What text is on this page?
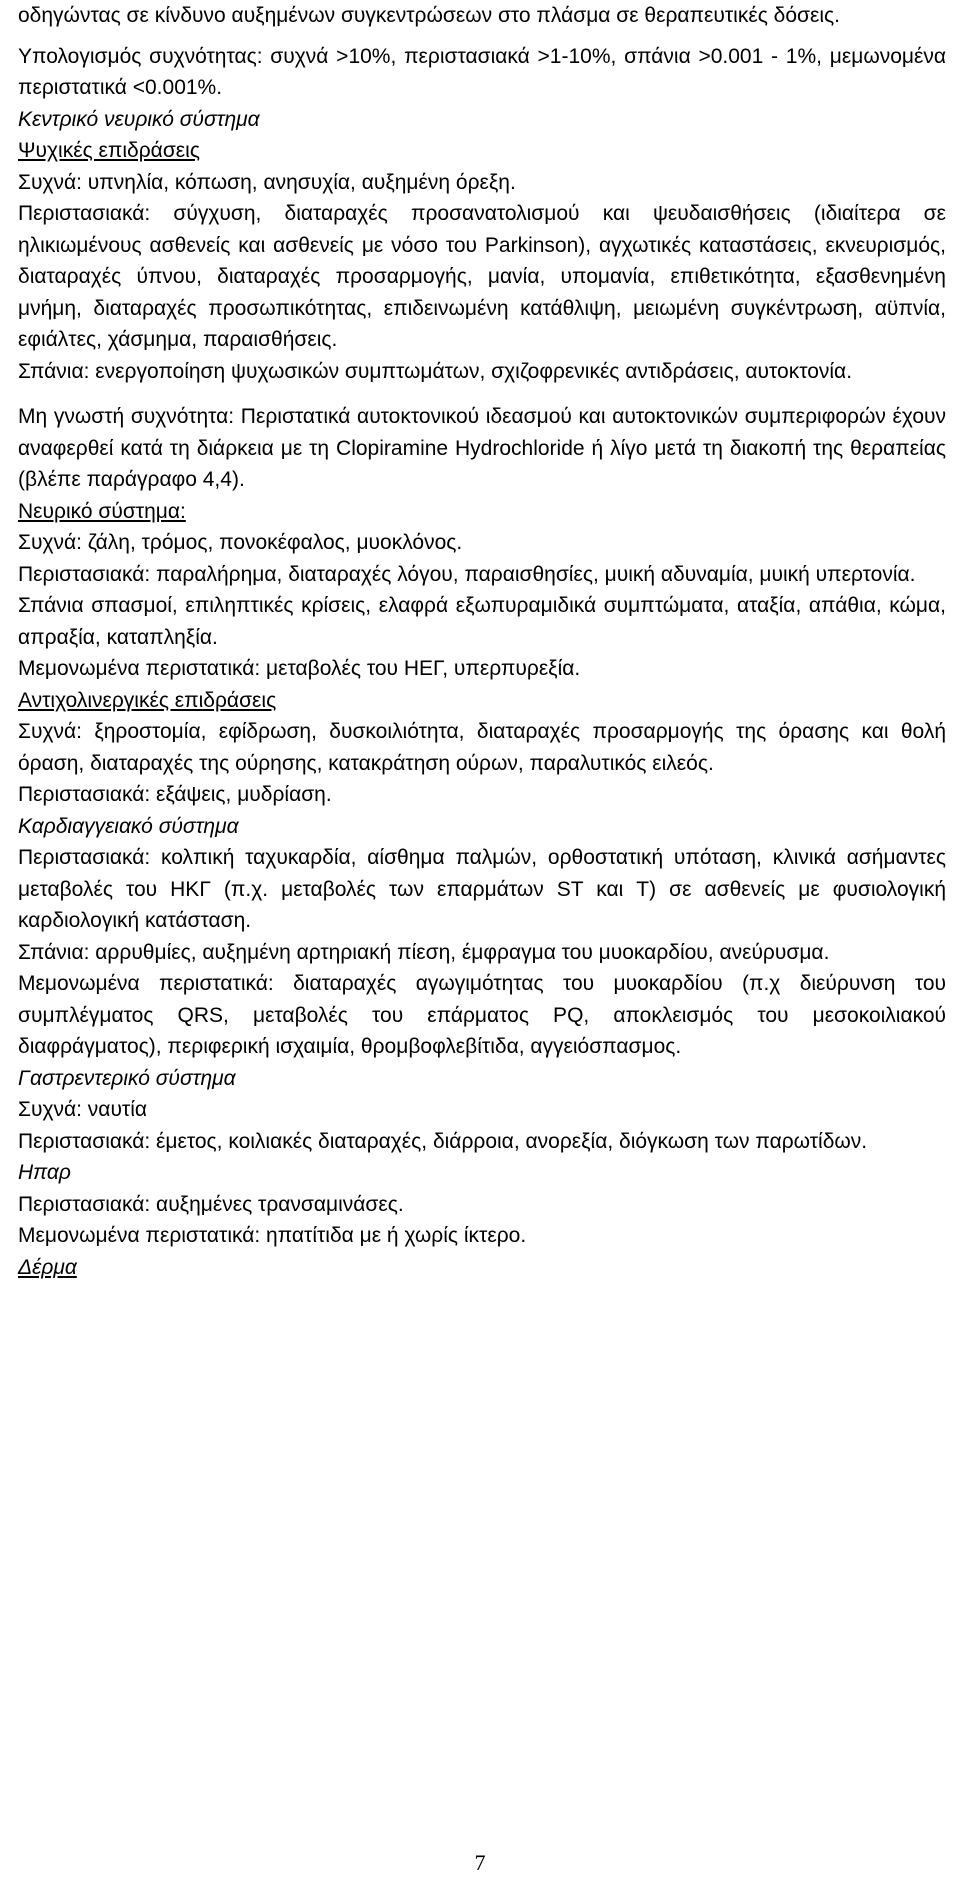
οδηγώντας σε κίνδυνο αυξημένων συγκεντρώσεων στο πλάσμα σε θεραπευτικές δόσεις.

Υπολογισμός συχνότητας: συχνά >10%, περιστασιακά >1-10%, σπάνια >0.001 - 1%, μεμωνομένα περιστατικά <0.001%.

Κεντρικό νευρικό σύστημα

Ψυχικές επιδράσεις

Συχνά: υπνηλία, κόπωση, ανησυχία, αυξημένη όρεξη.

Περιστασιακά: σύγχυση, διαταραχές προσανατολισμού και ψευδαισθήσεις (ιδιαίτερα σε ηλικιωμένους ασθενείς και ασθενείς με νόσο του Parkinson), αγχωτικές καταστάσεις, εκνευρισμός, διαταραχές ύπνου, διαταραχές προσαρμογής, μανία, υπομανία, επιθετικότητα, εξασθενημένη μνήμη, διαταραχές προσωπικότητας, επιδεινωμένη κατάθλιψη, μειωμένη συγκέντρωση, αϋπνία, εφιάλτες, χάσμημα, παραισθήσεις.

Σπάνια: ενεργοποίηση ψυχωσικών συμπτωμάτων, σχιζοφρενικές αντιδράσεις, αυτοκτονία.

Μη γνωστή συχνότητα: Περιστατικά αυτοκτονικού ιδεασμού και αυτοκτονικών συμπεριφορών έχουν αναφερθεί κατά τη διάρκεια με τη Clopiramine Hydrochloride ή λίγο μετά τη διακοπή της θεραπείας (βλέπε παράγραφο 4,4).

Νευρικό σύστημα:

Συχνά: ζάλη, τρόμος, πονοκέφαλος, μυοκλόνος.

Περιστασιακά: παραλήρημα, διαταραχές λόγου, παραισθησίες, μυική αδυναμία, μυική υπερτονία.

Σπάνια σπασμοί, επιληπτικές κρίσεις, ελαφρά εξωπυραμιδικά συμπτώματα, αταξία, απάθια, κώμα, απραξία, καταπληξία.

Μεμονωμένα περιστατικά: μεταβολές του ΗΕΓ, υπερπυρεξία.

Αντιχολινεργικές επιδράσεις

Συχνά: ξηροστομία, εφίδρωση, δυσκοιλιότητα, διαταραχές προσαρμογής της όρασης και θολή όραση, διαταραχές της ούρησης, κατακράτηση ούρων, παραλυτικός ειλεός.

Περιστασιακά: εξάψεις, μυδρίαση.

Καρδιαγγειακό σύστημα

Περιστασιακά: κολπική ταχυκαρδία, αίσθημα παλμών, ορθοστατική υπόταση, κλινικά ασήμαντες μεταβολές του ΗΚΓ (π.χ. μεταβολές των επαρμάτων ST και T) σε ασθενείς με φυσιολογική καρδιολογική κατάσταση.

Σπάνια: αρρυθμίες, αυξημένη αρτηριακή πίεση, έμφραγμα του μυοκαρδίου, ανεύρυσμα.

Μεμονωμένα περιστατικά: διαταραχές αγωγιμότητας του μυοκαρδίου (π.χ διεύρυνση του συμπλέγματος QRS, μεταβολές του επάρματος PQ, αποκλεισμός του μεσοκοιλιακού διαφράγματος), περιφερική ισχαιμία, θρομβοφλεβίτιδα, αγγειόσπασμος.

Γαστρεντερικό σύστημα

Συχνά: ναυτία

Περιστασιακά: έμετος, κοιλιακές διαταραχές, διάρροια, ανορεξία, διόγκωση των παρωτίδων.

Ηπαρ

Περιστασιακά: αυξημένες τρανσαμινάσες.

Μεμονωμένα περιστατικά: ηπατίτιδα με ή χωρίς ίκτερο.

Δέρμα

7
